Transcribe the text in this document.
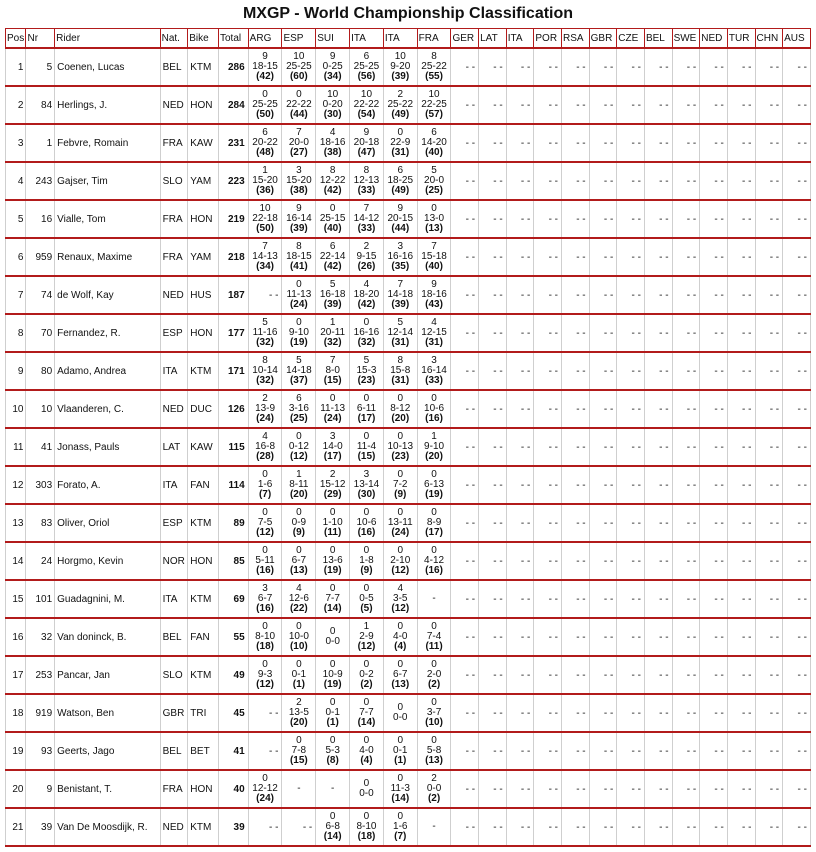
MXGP - World Championship Classification
Pos	Nr	Rider	Nat.	Bike	Total	ARG	ESP	SUI	ITA	ITA	FRA	GER	LAT	ITA	POR	RSA	GBR	CZE	BEL	SWE	NED	TUR	CHN	AUS
1	5	Coenen, Lucas	BEL	KTM	286	9
18-15
(42)	10
25-25
(60)	9
0-25
(34)	6
25-25
(56)	10
9-20
(39)	8
25-22
(55)	- -	- -	- -	- -	- -	- -	- -	- -	- -	- -	- -	- -	- -
2	84	Herlings, J.	NED	HON	284	0
25-25
(50)	0
22-22
(44)	10
0-20
(30)	10
22-22
(54)	2
25-22
(49)	10
22-25
(57)	- -	- -	- -	- -	- -	- -	- -	- -	- -	- -	- -	- -	- -
3	1	Febvre, Romain	FRA	KAW	231	6
20-22
(48)	7
20-0
(27)	4
18-16
(38)	9
20-18
(47)	0
22-9
(31)	6
14-20
(40)	- -	- -	- -	- -	- -	- -	- -	- -	- -	- -	- -	- -	- -
4	243	Gajser, Tim	SLO	YAM	223	1
15-20
(36)	3
15-20
(38)	8
12-22
(42)	8
12-13
(33)	6
18-25
(49)	5
20-0
(25)	- -	- -	- -	- -	- -	- -	- -	- -	- -	- -	- -	- -	- -
5	16	Vialle, Tom	FRA	HON	219	10
22-18
(50)	9
16-14
(39)	0
25-15
(40)	7
14-12
(33)	9
20-15
(44)	0
13-0
(13)	- -	- -	- -	- -	- -	- -	- -	- -	- -	- -	- -	- -	- -
6	959	Renaux, Maxime	FRA	YAM	218	7
14-13
(34)	8
18-15
(41)	6
22-14
(42)	2
9-15
(26)	3
16-16
(35)	7
15-18
(40)	- -	- -	- -	- -	- -	- -	- -	- -	- -	- -	- -	- -	- -
7	74	de Wolf, Kay	NED	HUS	187	- -	0
11-13
(24)	5
16-18
(39)	4
18-20
(42)	7
14-18
(39)	9
18-16
(43)	- -	- -	- -	- -	- -	- -	- -	- -	- -	- -	- -	- -	- -
8	70	Fernandez, R.	ESP	HON	177	5
11-16
(32)	0
9-10
(19)	1
20-11
(32)	0
16-16
(32)	5
12-14
(31)	4
12-15
(31)	- -	- -	- -	- -	- -	- -	- -	- -	- -	- -	- -	- -	- -
9	80	Adamo, Andrea	ITA	KTM	171	8
10-14
(32)	5
14-18
(37)	7
8-0
(15)	5
15-3
(23)	8
15-8
(31)	3
16-14
(33)	- -	- -	- -	- -	- -	- -	- -	- -	- -	- -	- -	- -	- -
10	10	Vlaanderen, C.	NED	DUC	126	2
13-9
(24)	6
3-16
(25)	0
11-13
(24)	0
6-11
(17)	0
8-12
(20)	0
10-6
(16)	- -	- -	- -	- -	- -	- -	- -	- -	- -	- -	- -	- -	- -
11	41	Jonass, Pauls	LAT	KAW	115	4
16-8
(28)	0
0-12
(12)	3
14-0
(17)	0
11-4
(15)	0
10-13
(23)	1
9-10
(20)	- -	- -	- -	- -	- -	- -	- -	- -	- -	- -	- -	- -	- -
12	303	Forato, A.	ITA	FAN	114	0
1-6
(7)	1
8-11
(20)	2
15-12
(29)	3
13-14
(30)	0
7-2
(9)	0
6-13
(19)	- -	- -	- -	- -	- -	- -	- -	- -	- -	- -	- -	- -	- -
13	83	Oliver, Oriol	ESP	KTM	89	0
7-5
(12)	0
0-9
(9)	0
1-10
(11)	0
10-6
(16)	0
13-11
(24)	0
8-9
(17)	- -	- -	- -	- -	- -	- -	- -	- -	- -	- -	- -	- -	- -
14	24	Horgmo, Kevin	NOR	HON	85	0
5-11
(16)	0
6-7
(13)	0
13-6
(19)	0
1-8
(9)	0
2-10
(12)	0
4-12
(16)	- -	- -	- -	- -	- -	- -	- -	- -	- -	- -	- -	- -	- -
15	101	Guadagnini, M.	ITA	KTM	69	3
6-7
(16)	4
12-6
(22)	0
7-7
(14)	0
0-5
(5)	4
3-5
(12)	-	- -	- -	- -	- -	- -	- -	- -	- -	- -	- -	- -	- -	- -
16	32	Van doninck, B.	BEL	FAN	55	0
8-10
(18)	0
10-0
(10)	0
0-0	1
2-9
(12)	0
4-0
(4)	0
7-4
(11)	- -	- -	- -	- -	- -	- -	- -	- -	- -	- -	- -	- -	- -
17	253	Pancar, Jan	SLO	KTM	49	0
9-3
(12)	0
0-1
(1)	0
10-9
(19)	0
0-2
(2)	0
6-7
(13)	0
2-0
(2)	- -	- -	- -	- -	- -	- -	- -	- -	- -	- -	- -	- -	- -
18	919	Watson, Ben	GBR	TRI	45	- -	2
13-5
(20)	0
0-1
(1)	0
7-7
(14)	0
0-0	0
3-7
(10)	- -	- -	- -	- -	- -	- -	- -	- -	- -	- -	- -	- -	- -
19	93	Geerts, Jago	BEL	BET	41	- -	0
7-8
(15)	0
5-3
(8)	0
4-0
(4)	0
0-1
(1)	0
5-8
(13)	- -	- -	- -	- -	- -	- -	- -	- -	- -	- -	- -	- -	- -
20	9	Benistant, T.	FRA	HON	40	0
12-12
(24)	-	-	0
0-0	0
11-3
(14)	2
0-0
(2)	- -	- -	- -	- -	- -	- -	- -	- -	- -	- -	- -	- -	- -
21	39	Van De Moosdijk, R.	NED	KTM	39	- -	- -	0
6-8
(14)	0
8-10
(18)	0
1-6
(7)	-	- -	- -	- -	- -	- -	- -	- -	- -	- -	- -	- -	- -	- -
